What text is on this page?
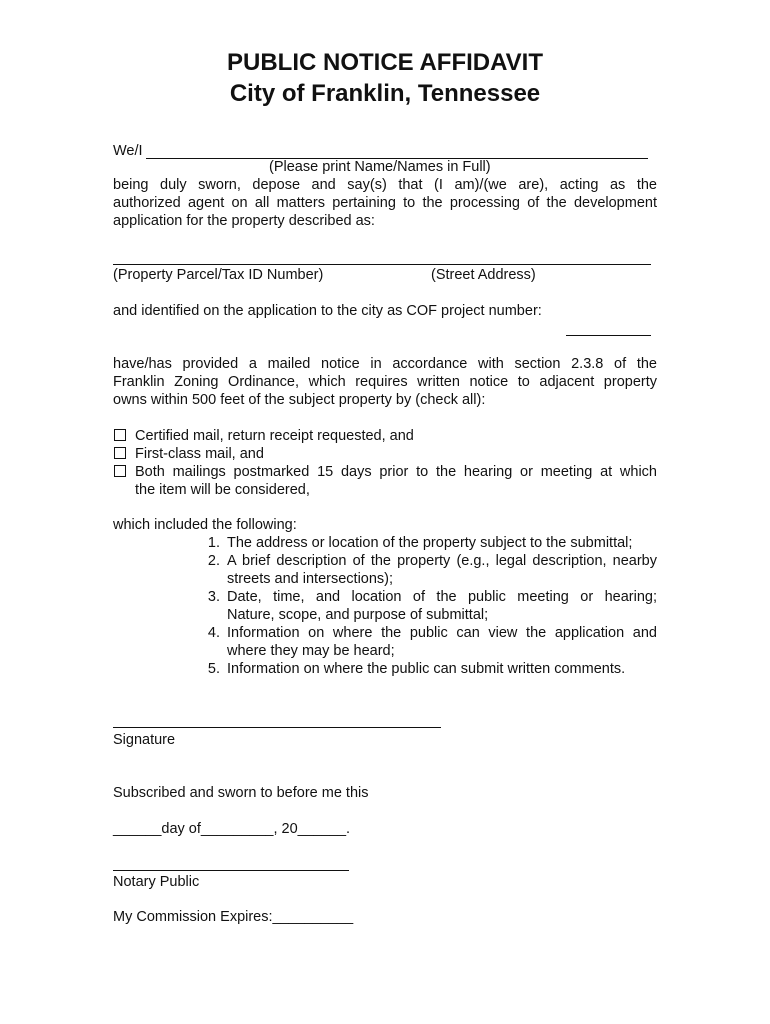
PUBLIC NOTICE AFFIDAVIT
City of Franklin, Tennessee
We/I
(Please print Name/Names in Full)
being duly sworn, depose and say(s) that (I am)/(we are), acting as the
authorized agent on all matters pertaining to the processing of the development
application for the property described as:
(Property Parcel/Tax ID Number)	(Street Address)
and identified on the application to the city as COF project number:
have/has provided a mailed notice in accordance with section 2.3.8 of the
Franklin Zoning Ordinance, which requires written notice to adjacent property
owns within 500 feet of the subject property by (check all):
Certified mail, return receipt requested, and
First-class mail, and
Both mailings postmarked 15 days prior to the hearing or meeting at which
the item will be considered,
which included the following:
1. The address or location of the property subject to the submittal;
2. A brief description of the property (e.g., legal description, nearby
streets and intersections);
3. Date, time, and location of the public meeting or hearing;
Nature, scope, and purpose of submittal;
4. Information on where the public can view the application and
where they may be heard;
5. Information on where the public can submit written comments.
Signature
Subscribed and sworn to before me this
______day of_________, 20______.
Notary Public
My Commission Expires:__________
